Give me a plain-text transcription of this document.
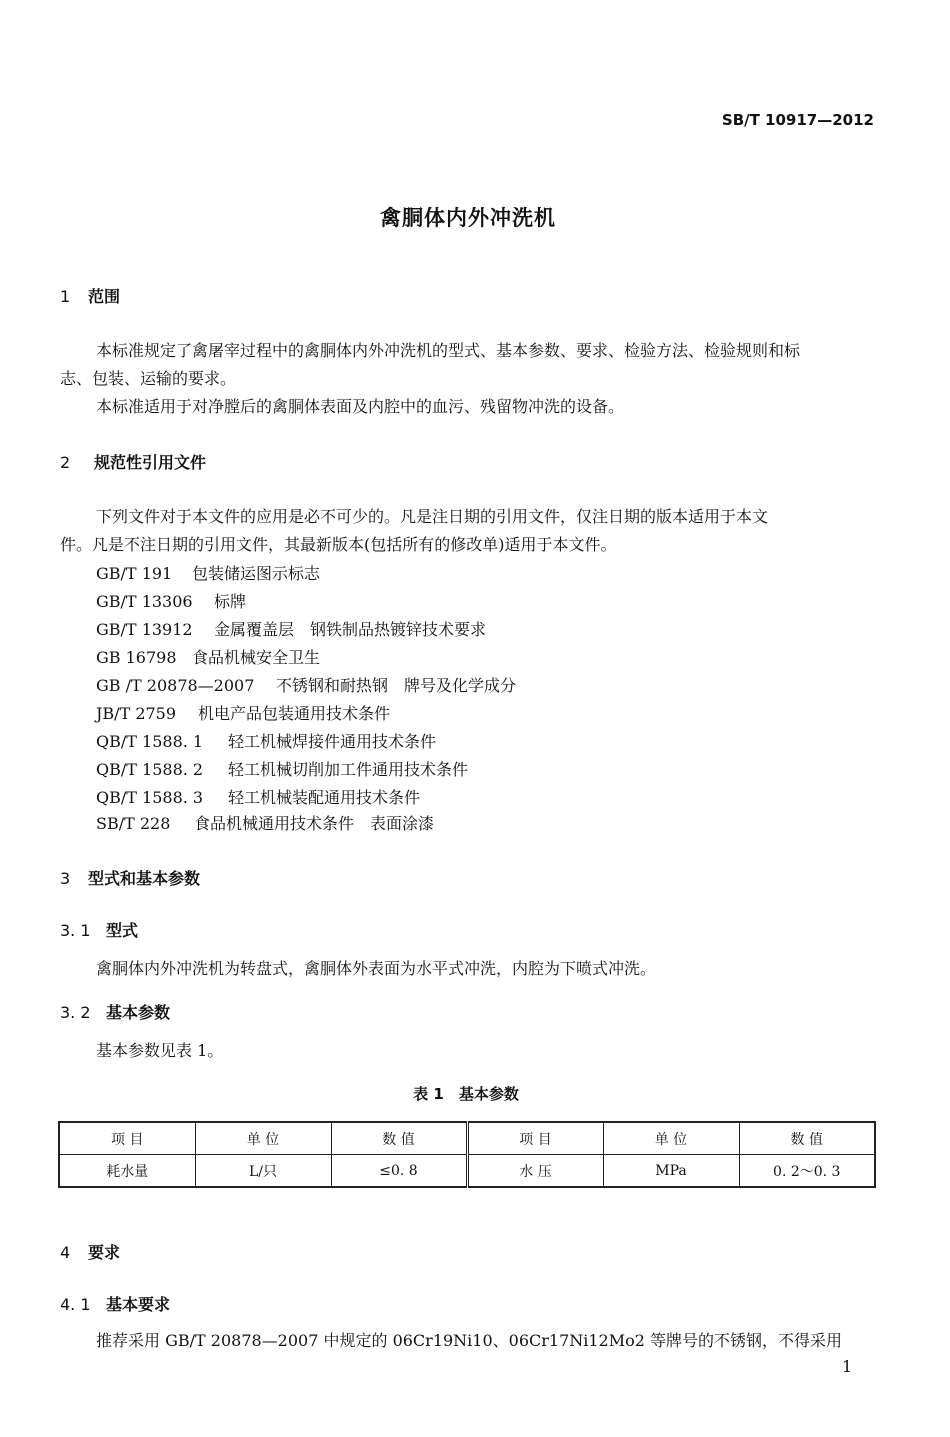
SB/T 10917—2012
禽胴体内外冲洗机
1 范围
本标准规定了禽屠宰过程中的禽胴体内外冲洗机的型式、基本参数、要求、检验方法、检验规则和标
志、包装、运输的要求。
本标准适用于对净膛后的禽胴体表面及内腔中的血污、残留物冲洗的设备。
2 规范性引用文件
下列文件对于本文件的应用是必不可少的。凡是注日期的引用文件，仅注日期的版本适用于本文
件。凡是不注日期的引用文件，其最新版本(包括所有的修改单)适用于本文件。
GB/T 191 包装储运图示标志
GB/T 13306 标牌
GB/T 13912 金属覆盖层　钢铁制品热镀锌技术要求
GB 16798 食品机械安全卫生
GB /T 20878—2007 不锈钢和耐热钢　牌号及化学成分
JB/T 2759 机电产品包装通用技术条件
QB/T 1588. 1 轻工机械焊接件通用技术条件
QB/T 1588. 2 轻工机械切削加工件通用技术条件
QB/T 1588. 3 轻工机械装配通用技术条件
SB/T 228 食品机械通用技术条件　表面涂漆
3 型式和基本参数
3. 1 型式
禽胴体内外冲洗机为转盘式，禽胴体外表面为水平式冲洗，内腔为下喷式冲洗。
3. 2 基本参数
基本参数见表 1。
表 1　基本参数
项 目	单 位	数 值	项 目	单 位	数 值
耗水量	L/只	≤0. 8	水 压	MPa	0. 2～0. 3
4 要求
4. 1 基本要求
推荐采用 GB/T 20878—2007 中规定的 06Cr19Ni10、06Cr17Ni12Mo2 等牌号的不锈钢，不得采用
1
